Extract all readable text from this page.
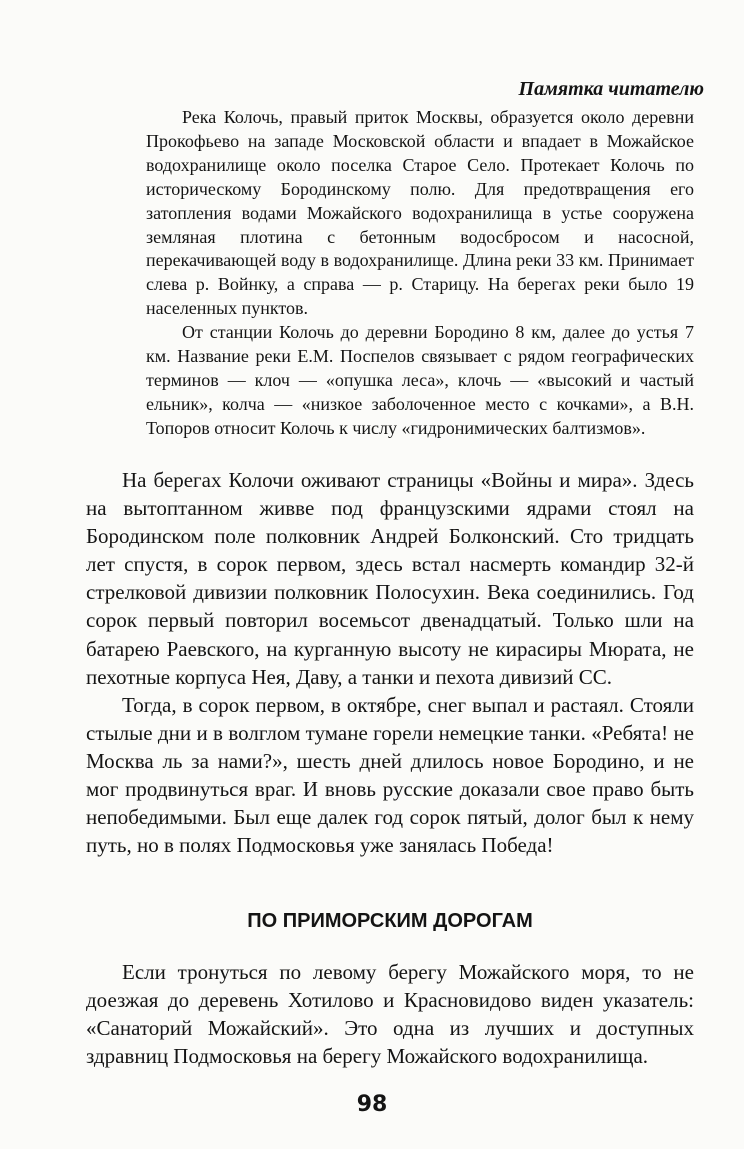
Памятка читателю

Река Колочь, правый приток Москвы, образуется около деревни Прокофьево на западе Московской области и впадает в Можайское водохранилище около поселка Старое Село. Протекает Колочь по историческому Бородинскому полю. Для предотвращения его затопления водами Можайского водохранилища в устье сооружена земляная плотина с бетонным водосбросом и насосной, перекачивающей воду в водохранилище. Длина реки 33 км. Принимает слева р. Войнку, а справа — р. Старицу. На берегах реки было 19 населенных пунктов.

От станции Колочь до деревни Бородино 8 км, далее до устья 7 км. Название реки Е.М. Поспелов связывает с рядом географических терминов — клоч — «опушка леса», клочь — «высокий и частый ельник», колча — «низкое заболоченное место с кочками», а В.Н. Топоров относит Колочь к числу «гидронимических балтизмов».

На берегах Колочи оживают страницы «Войны и мира». Здесь на вытоптанном живве под французскими ядрами стоял на Бородинском поле полковник Андрей Болконский. Сто тридцать лет спустя, в сорок первом, здесь встал насмерть командир 32-й стрелковой дивизии полковник Полосухин. Века соединились. Год сорок первый повторил восемьсот двенадцатый. Только шли на батарею Раевского, на курганную высоту не кирасиры Мюрата, не пехотные корпуса Нея, Даву, а танки и пехота дивизий СС.

Тогда, в сорок первом, в октябре, снег выпал и растаял. Стояли стылые дни и в волглом тумане горели немецкие танки. «Ребята! не Москва ль за нами?», шесть дней длилось новое Бородино, и не мог продвинуться враг. И вновь русские доказали свое право быть непобедимыми. Был еще далек год сорок пятый, долог был к нему путь, но в полях Подмосковья уже занялась Победа!

ПО ПРИМОРСКИМ ДОРОГАМ

Если тронуться по левому берегу Можайского моря, то не доезжая до деревень Хотилово и Красновидово виден указатель: «Санаторий Можайский». Это одна из лучших и доступных здравниц Подмосковья на берегу Можайского водохранилища.

98
